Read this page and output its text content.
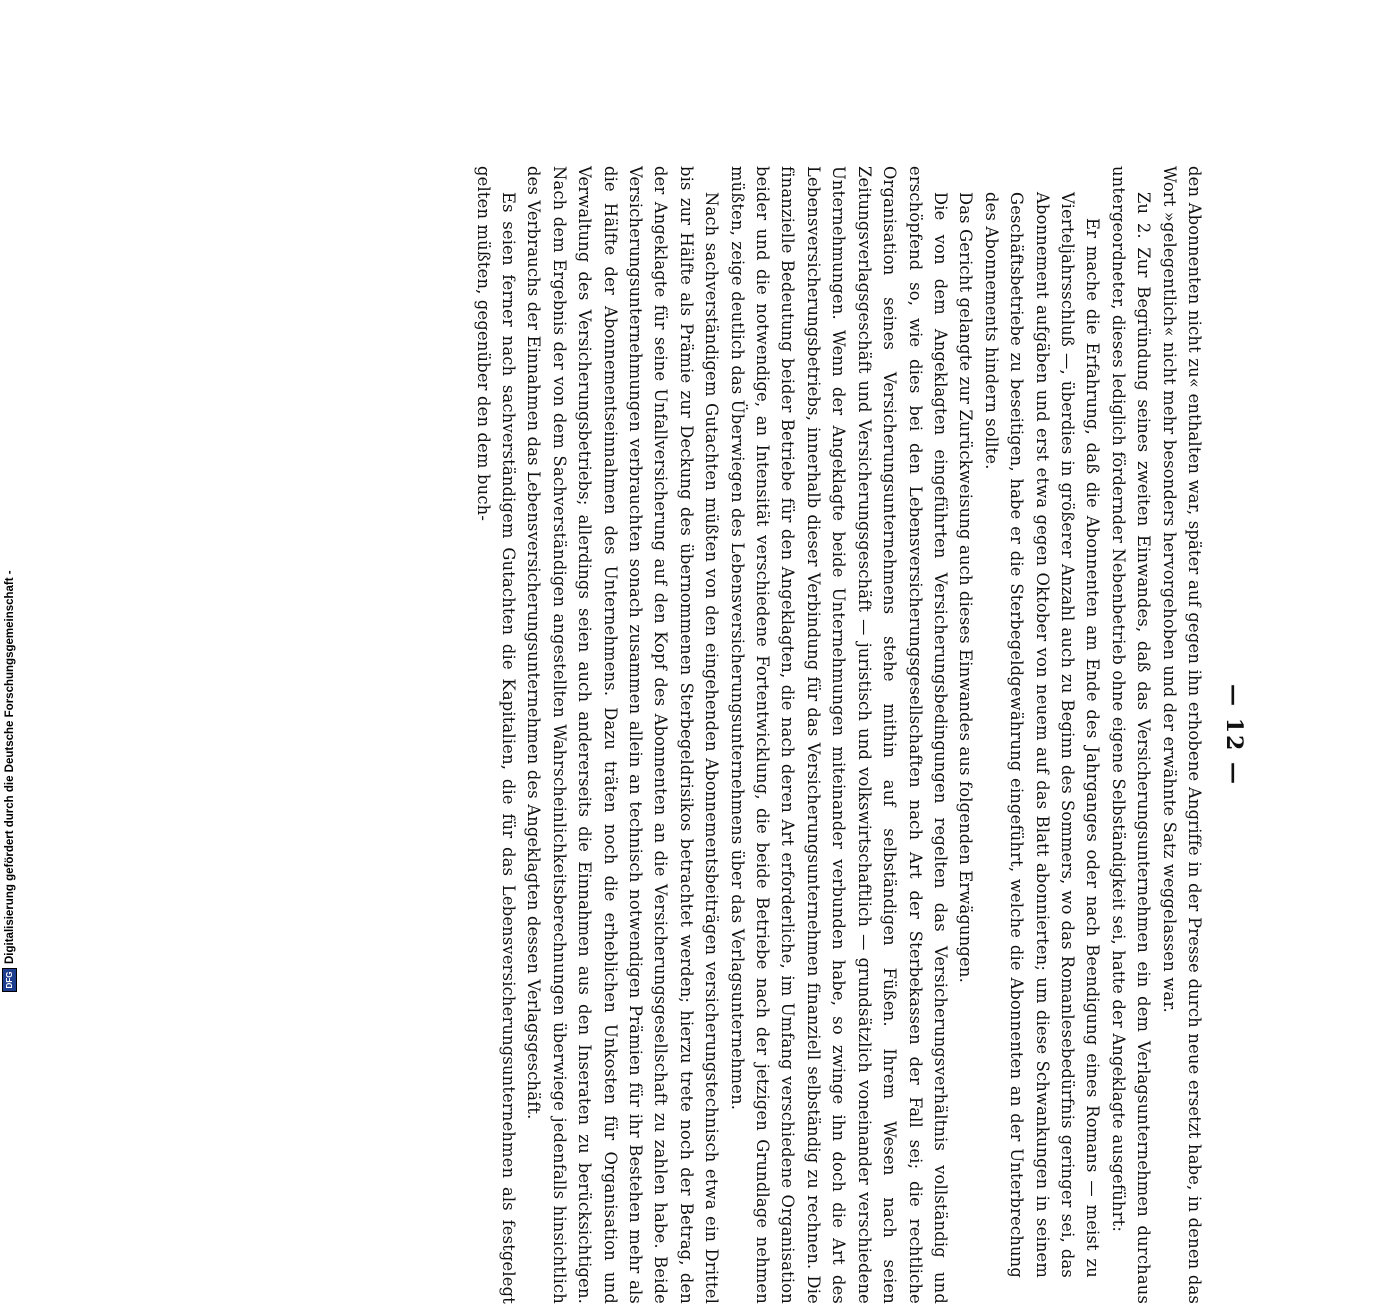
— 12 —

den Abonnenten nicht zu« enthalten war, später auf gegen ihn erhobene Angriffe in der Presse durch neue ersetzt habe, in denen das Wort »gelegentlich« nicht mehr besonders hervorgehoben und der erwähnte Satz weggelassen war.

Zu 2. Zur Begründung seines zweiten Einwandes, daß das Versicherungsunternehmen ein dem Verlagsunternehmen durchaus untergeordneter, dieses lediglich fördernder Nebenbetrieb ohne eigene Selbständigkeit sei, hatte der Angeklagte ausgeführt:

Er mache die Erfahrung, daß die Abonnenten am Ende des Jahrganges oder nach Beendigung eines Romans — meist zu Vierteljahrsschluß —, überdies in größerer Anzahl auch zu Beginn des Sommers, wo das Romanlesebedürfnis geringer sei, das Abonnement aufgäben und erst etwa gegen Oktober von neuem auf das Blatt abonnierten; um diese Schwankungen in seinem Geschäftsbetriebe zu beseitigen, habe er die Sterbegeldgewährung eingeführt, welche die Abonnenten an der Unterbrechung des Abonnements hindern sollte.

Das Gericht gelangte zur Zurückweisung auch dieses Einwandes aus folgenden Erwägungen.

Die von dem Angeklagten eingeführten Versicherungsbedingungen regelten das Versicherungsverhältnis vollständig und erschöpfend so, wie dies bei den Lebensversicherungsgesellschaften nach Art der Sterbekassen der Fall sei; die rechtliche Organisation seines Versicherungsunternehmens stehe mithin auf selbständigen Füßen. Ihrem Wesen nach seien Zeitungsverlagsgeschäft und Versicherungsgeschäft — juristisch und volkswirtschaftlich — grundsätzlich voneinander verschiedene Unternehmungen. Wenn der Angeklagte beide Unternehmungen miteinander verbunden habe, so zwinge ihn doch die Art des Lebensversicherungsbetriebs, innerhalb dieser Verbindung für das Versicherungsunternehmen finanziell selbständig zu rechnen. Die finanzielle Bedeutung beider Betriebe für den Angeklagten, die nach deren Art erforderliche, im Umfang verschiedene Organisation beider und die notwendige, an Intensität verschiedene Fortentwicklung, die beide Betriebe nach der jetzigen Grundlage nehmen müßten, zeige deutlich das Überwiegen des Lebensversicherungsunternehmens über das Verlagsunternehmen.

Nach sachverständigem Gutachten müßten von den eingehenden Abonnementsbeiträgen versicherungstechnisch etwa ein Drittel bis zur Hälfte als Prämie zur Deckung des übernommenen Sterbegeldrisikos betrachtet werden; hierzu trete noch der Betrag, den der Angeklagte für seine Unfallversicherung auf den Kopf des Abonnenten an die Versicherungsgesellschaft zu zahlen habe. Beide Versicherungsunternehmungen verbrauchten sonach zusammen allein an technisch notwendigen Prämien für ihr Bestehen mehr als die Hälfte der Abonnementseinnahmen des Unternehmens. Dazu träten noch die erheblichen Unkosten für Organisation und Verwaltung des Versicherungsbetriebs; allerdings seien auch andererseits die Einnahmen aus den Inseraten zu berücksichtigen. Nach dem Ergebnis der von dem Sachverständigen angestellten Wahrscheinlichkeitsberechnungen überwiege jedenfalls hinsichtlich des Verbrauchs der Einnahmen das Lebensversicherungsunternehmen des Angeklagten dessen Verlagsgeschäft.

Es seien ferner nach sachverständigem Gutachten die Kapitalien, die für das Lebensversicherungsunternehmen als festgelegt gelten müßten, gegenüber den dem buch-

DFG
Digitalisierung gefördert durch die Deutsche Forschungsgemeinschaft -
